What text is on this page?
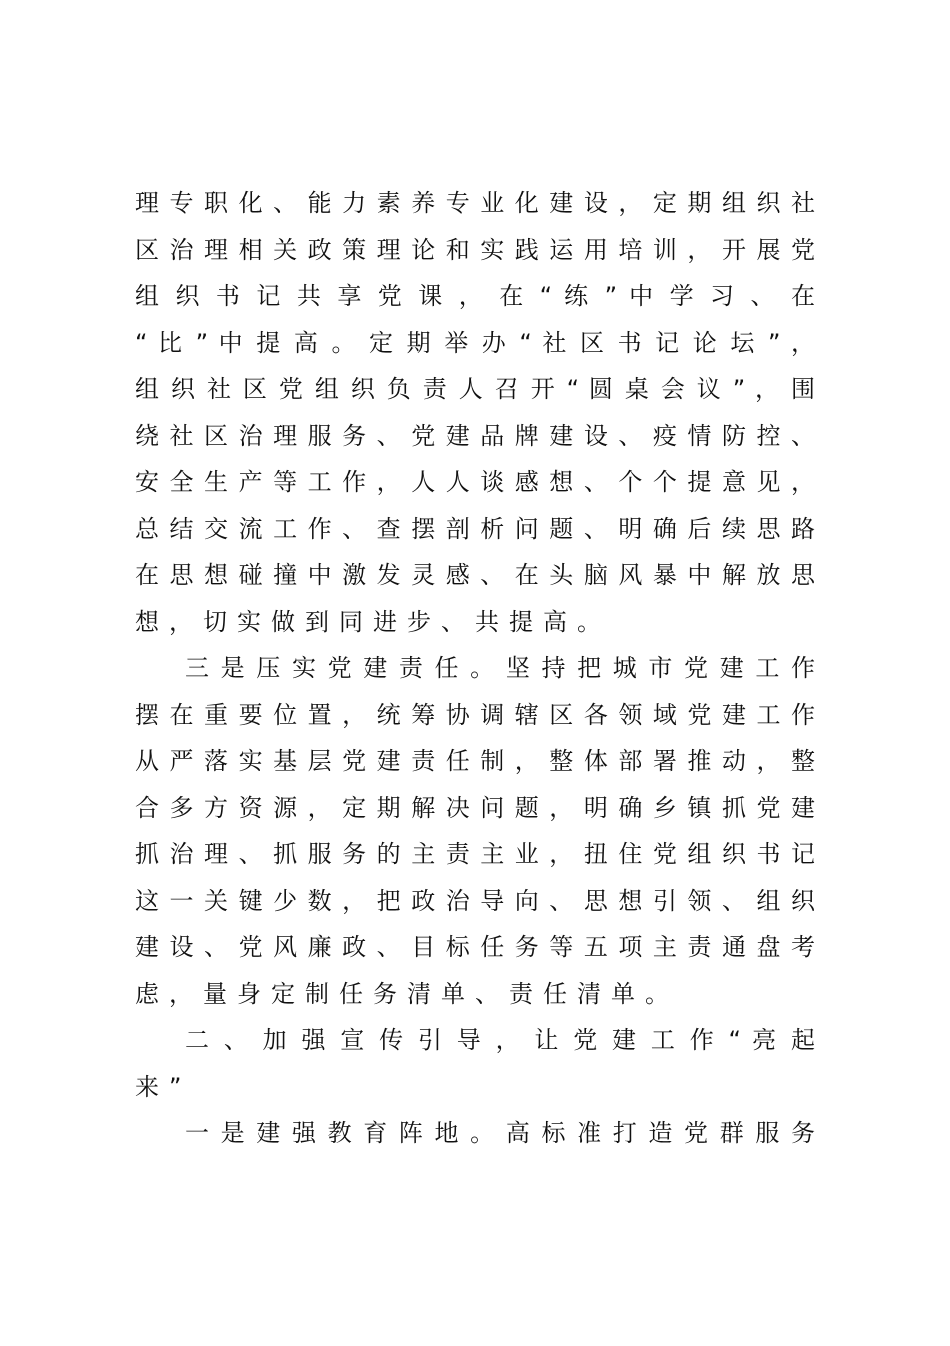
理 专 职 化 、 能 力 素 养 专 业 化 建 设 ， 定 期 组 织 社
区 治 理 相 关 政 策 理 论 和 实 践 运 用 培 训 ， 开 展 党
组 织 书 记 共 享 党 课 ， 在 “ 练 ” 中 学 习 、 在
“ 比 ” 中 提 高 。 定 期 举 办 “ 社 区 书 记 论 坛 ” ，
组 织 社 区 党 组 织 负 责 人 召 开 “ 圆 桌 会 议 ” ， 围
绕 社 区 治 理 服 务 、 党 建 品 牌 建 设 、 疫 情 防 控 、
安 全 生 产 等 工 作 ， 人 人 谈 感 想 、 个 个 提 意 见 ，
总 结 交 流 工 作 、 查 摆 剖 析 问 题 、 明 确 后 续 思 路
在 思 想 碰 撞 中 激 发 灵 感 、 在 头 脑 风 暴 中 解 放 思
想，切实做到同进步、共提高。
三 是 压 实 党 建 责 任 。 坚 持 把 城 市 党 建 工 作
摆 在 重 要 位 置 ， 统 筹 协 调 辖 区 各 领 域 党 建 工 作
从 严 落 实 基 层 党 建 责 任 制 ， 整 体 部 署 推 动 ， 整
合 多 方 资 源 ， 定 期 解 决 问 题 ， 明 确 乡 镇 抓 党 建
抓 治 理 、 抓 服 务 的 主 责 主 业 ， 扭 住 党 组 织 书 记
这 一 关 键 少 数 ， 把 政 治 导 向 、 思 想 引 领 、 组 织
建 设 、 党 风 廉 政 、 目 标 任 务 等 五 项 主 责 通 盘 考
虑，量身定制任务清单、责任清单。
二 、 加 强 宣 传 引 导 ， 让 党 建 工 作 “ 亮 起
来”
一 是 建 强 教 育 阵 地 。 高 标 准 打 造 党 群 服 务
